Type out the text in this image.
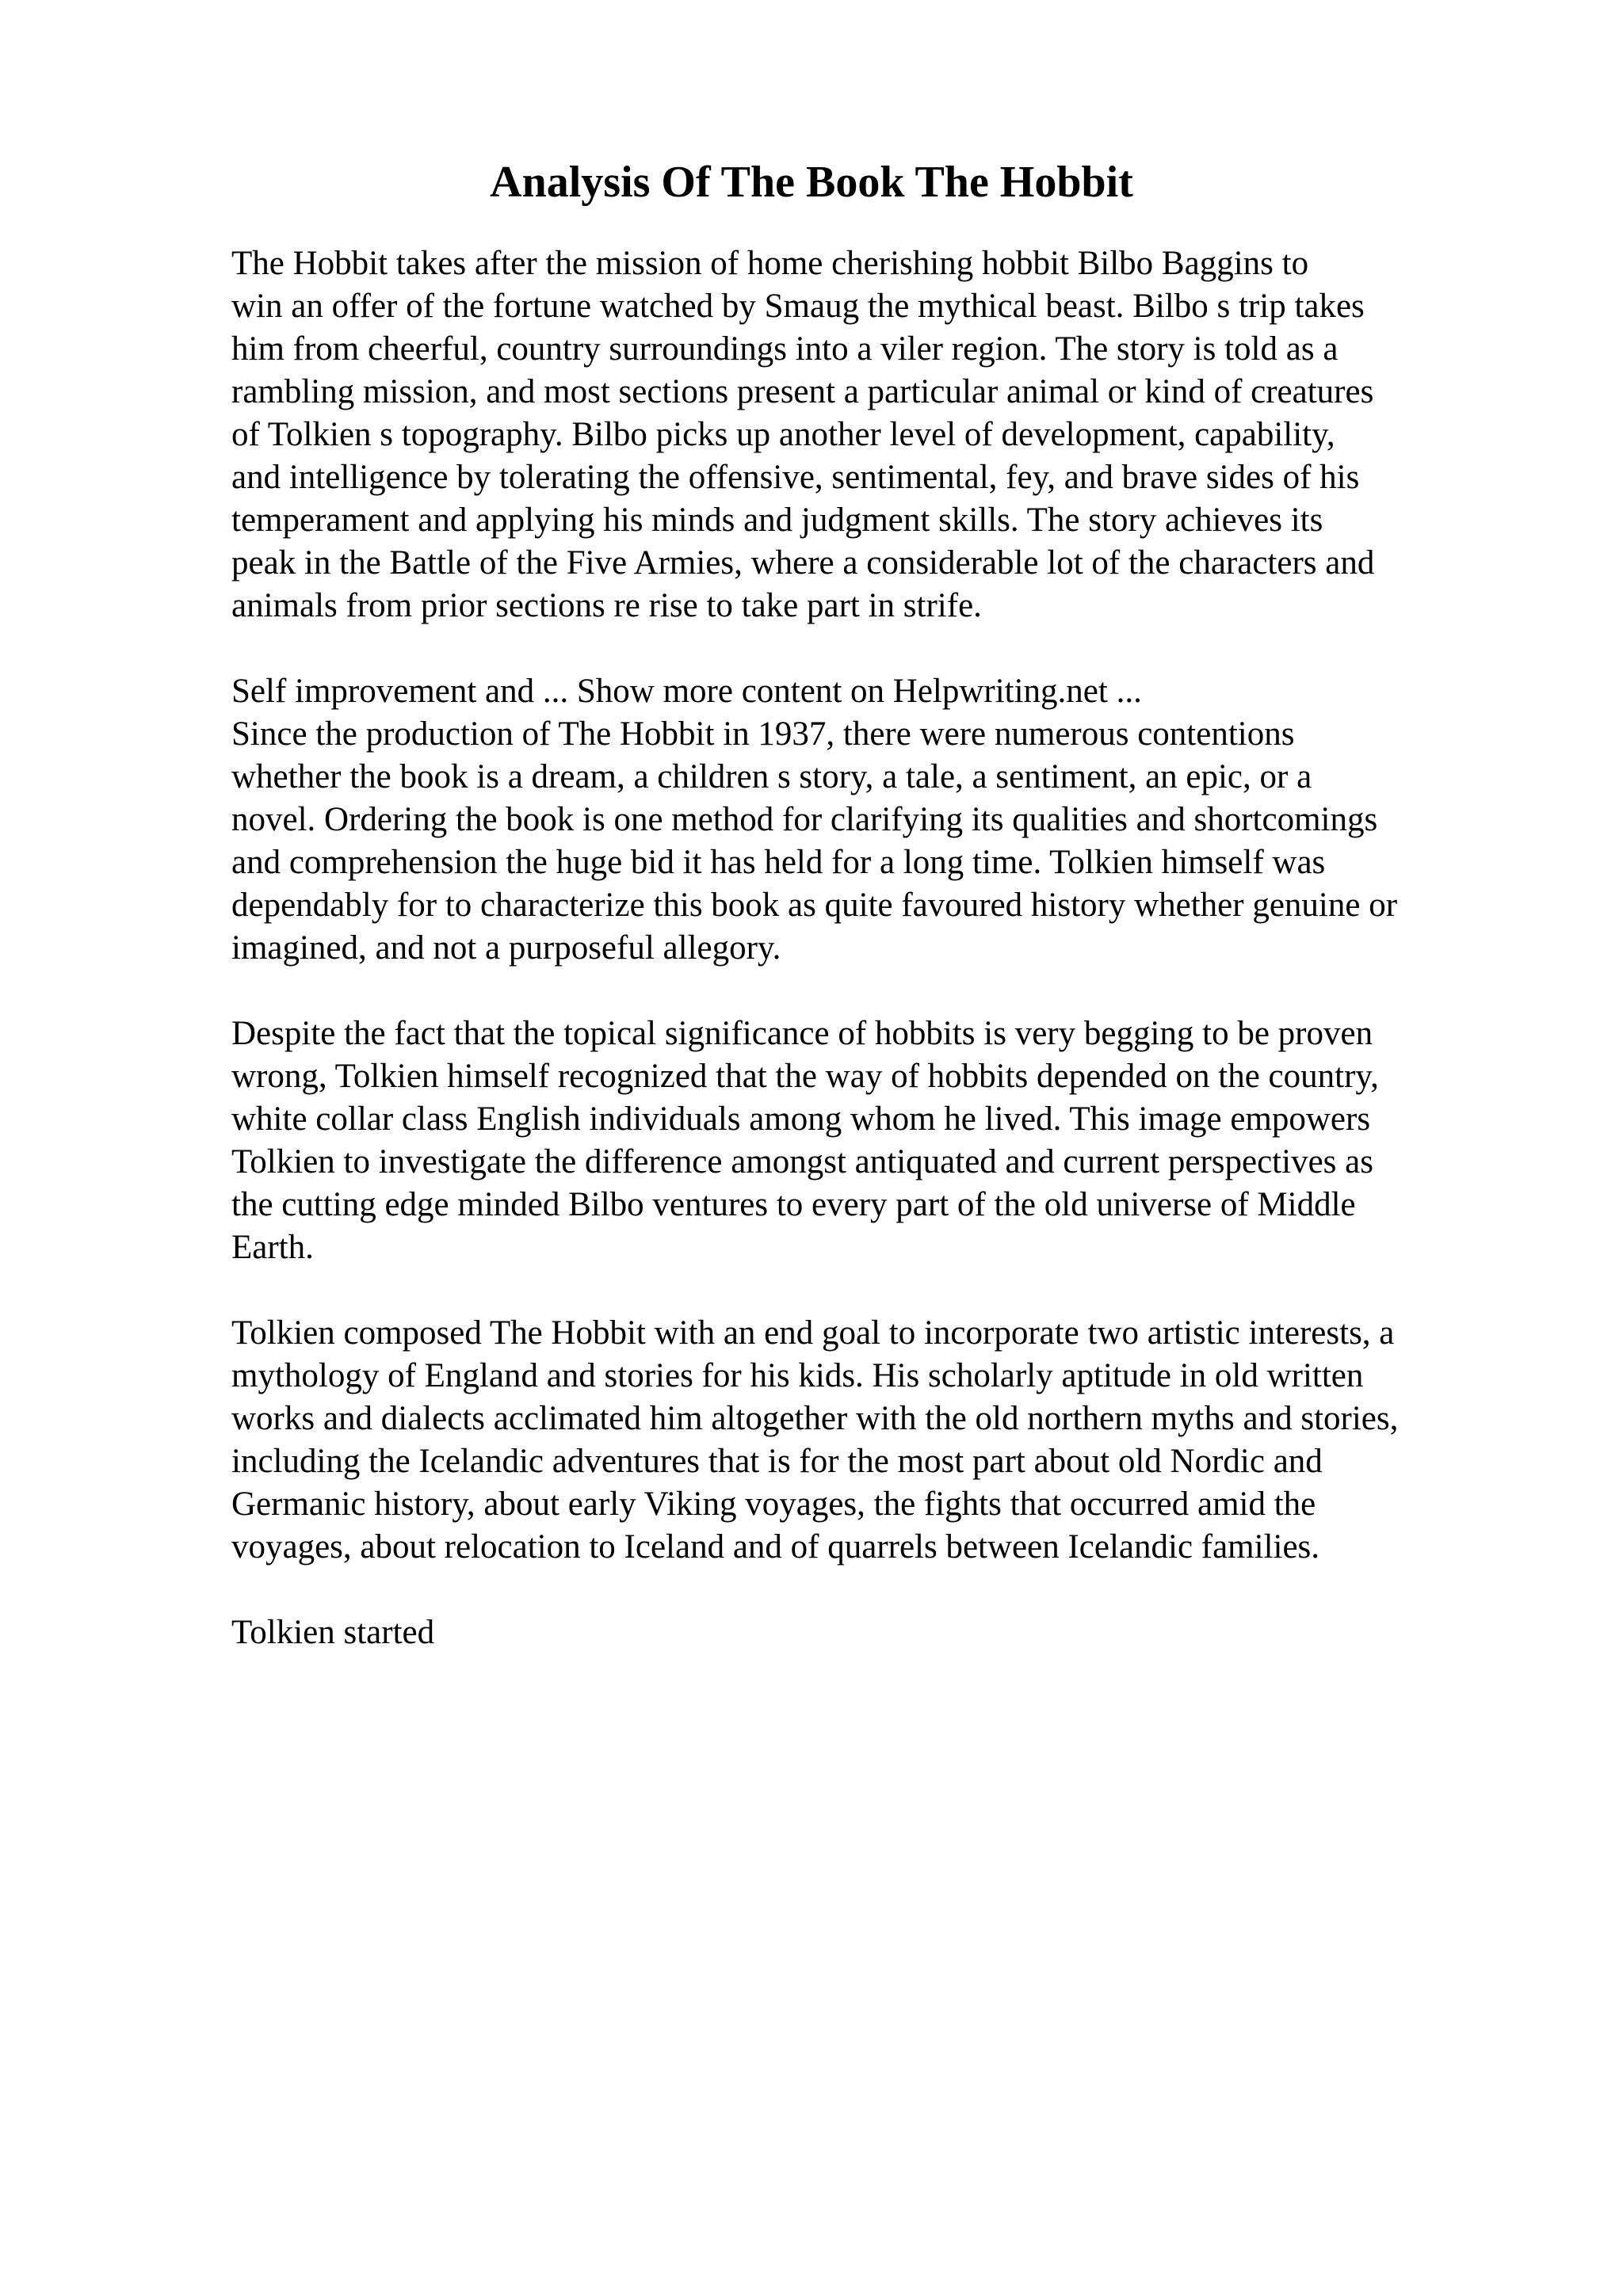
Analysis Of The Book The Hobbit

The Hobbit takes after the mission of home cherishing hobbit Bilbo Baggins to
win an offer of the fortune watched by Smaug the mythical beast. Bilbo s trip takes
him from cheerful, country surroundings into a viler region. The story is told as a
rambling mission, and most sections present a particular animal or kind of creatures
of Tolkien s topography. Bilbo picks up another level of development, capability,
and intelligence by tolerating the offensive, sentimental, fey, and brave sides of his
temperament and applying his minds and judgment skills. The story achieves its
peak in the Battle of the Five Armies, where a considerable lot of the characters and
animals from prior sections re rise to take part in strife.

Self improvement and ... Show more content on Helpwriting.net ...

Since the production of The Hobbit in 1937, there were numerous contentions
whether the book is a dream, a children s story, a tale, a sentiment, an epic, or a
novel. Ordering the book is one method for clarifying its qualities and shortcomings
and comprehension the huge bid it has held for a long time. Tolkien himself was
dependably for to characterize this book as quite favoured history whether genuine or
imagined, and not a purposeful allegory.

Despite the fact that the topical significance of hobbits is very begging to be proven
wrong, Tolkien himself recognized that the way of hobbits depended on the country,
white collar class English individuals among whom he lived. This image empowers
Tolkien to investigate the difference amongst antiquated and current perspectives as
the cutting edge minded Bilbo ventures to every part of the old universe of Middle
Earth.

Tolkien composed The Hobbit with an end goal to incorporate two artistic interests, a
mythology of England and stories for his kids. His scholarly aptitude in old written
works and dialects acclimated him altogether with the old northern myths and stories,
including the Icelandic adventures that is for the most part about old Nordic and
Germanic history, about early Viking voyages, the fights that occurred amid the
voyages, about relocation to Iceland and of quarrels between Icelandic families.

Tolkien started
